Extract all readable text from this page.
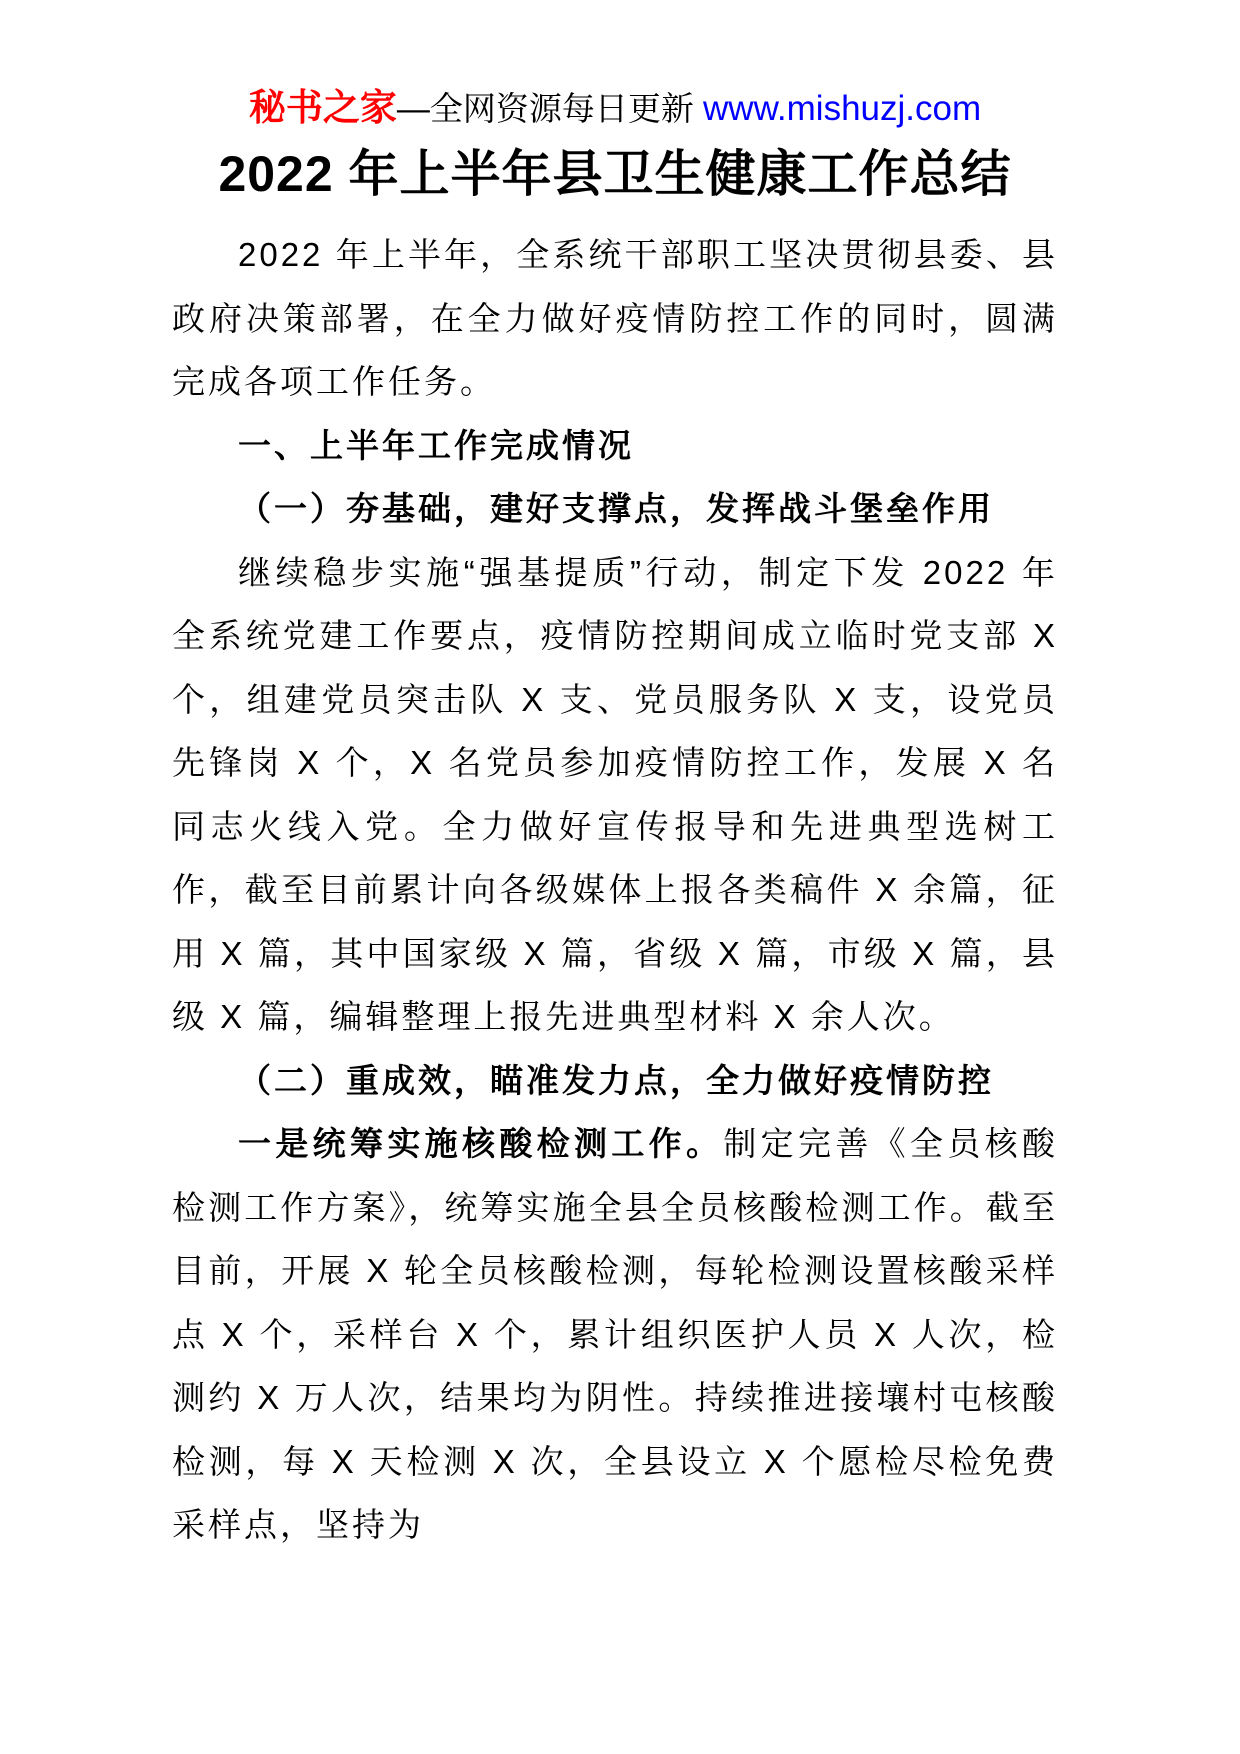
秘书之家—全网资源每日更新 www.mishuzj.com
2022 年上半年县卫生健康工作总结

2022 年上半年，全系统干部职工坚决贯彻县委、县政府决策部署，在全力做好疫情防控工作的同时，圆满完成各项工作任务。

一、上半年工作完成情况

（一）夯基础，建好支撑点，发挥战斗堡垒作用

继续稳步实施“强基提质”行动，制定下发 2022 年全系统党建工作要点，疫情防控期间成立临时党支部 X 个，组建党员突击队 X 支、党员服务队 X 支，设党员先锋岗 X 个，X 名党员参加疫情防控工作，发展 X 名同志火线入党。全力做好宣传报导和先进典型选树工作，截至目前累计向各级媒体上报各类稿件 X 余篇，征用 X 篇，其中国家级 X 篇，省级 X 篇，市级 X 篇，县级 X 篇，编辑整理上报先进典型材料 X 余人次。

（二）重成效，瞄准发力点，全力做好疫情防控

一是统筹实施核酸检测工作。制定完善《全员核酸检测工作方案》，统筹实施全县全员核酸检测工作。截至目前，开展 X 轮全员核酸检测，每轮检测设置核酸采样点 X 个，采样台 X 个，累计组织医护人员 X 人次，检测约 X 万人次，结果均为阴性。持续推进接壤村屯核酸检测，每 X 天检测 X 次，全县设立 X 个愿检尽检免费采样点，坚持为
